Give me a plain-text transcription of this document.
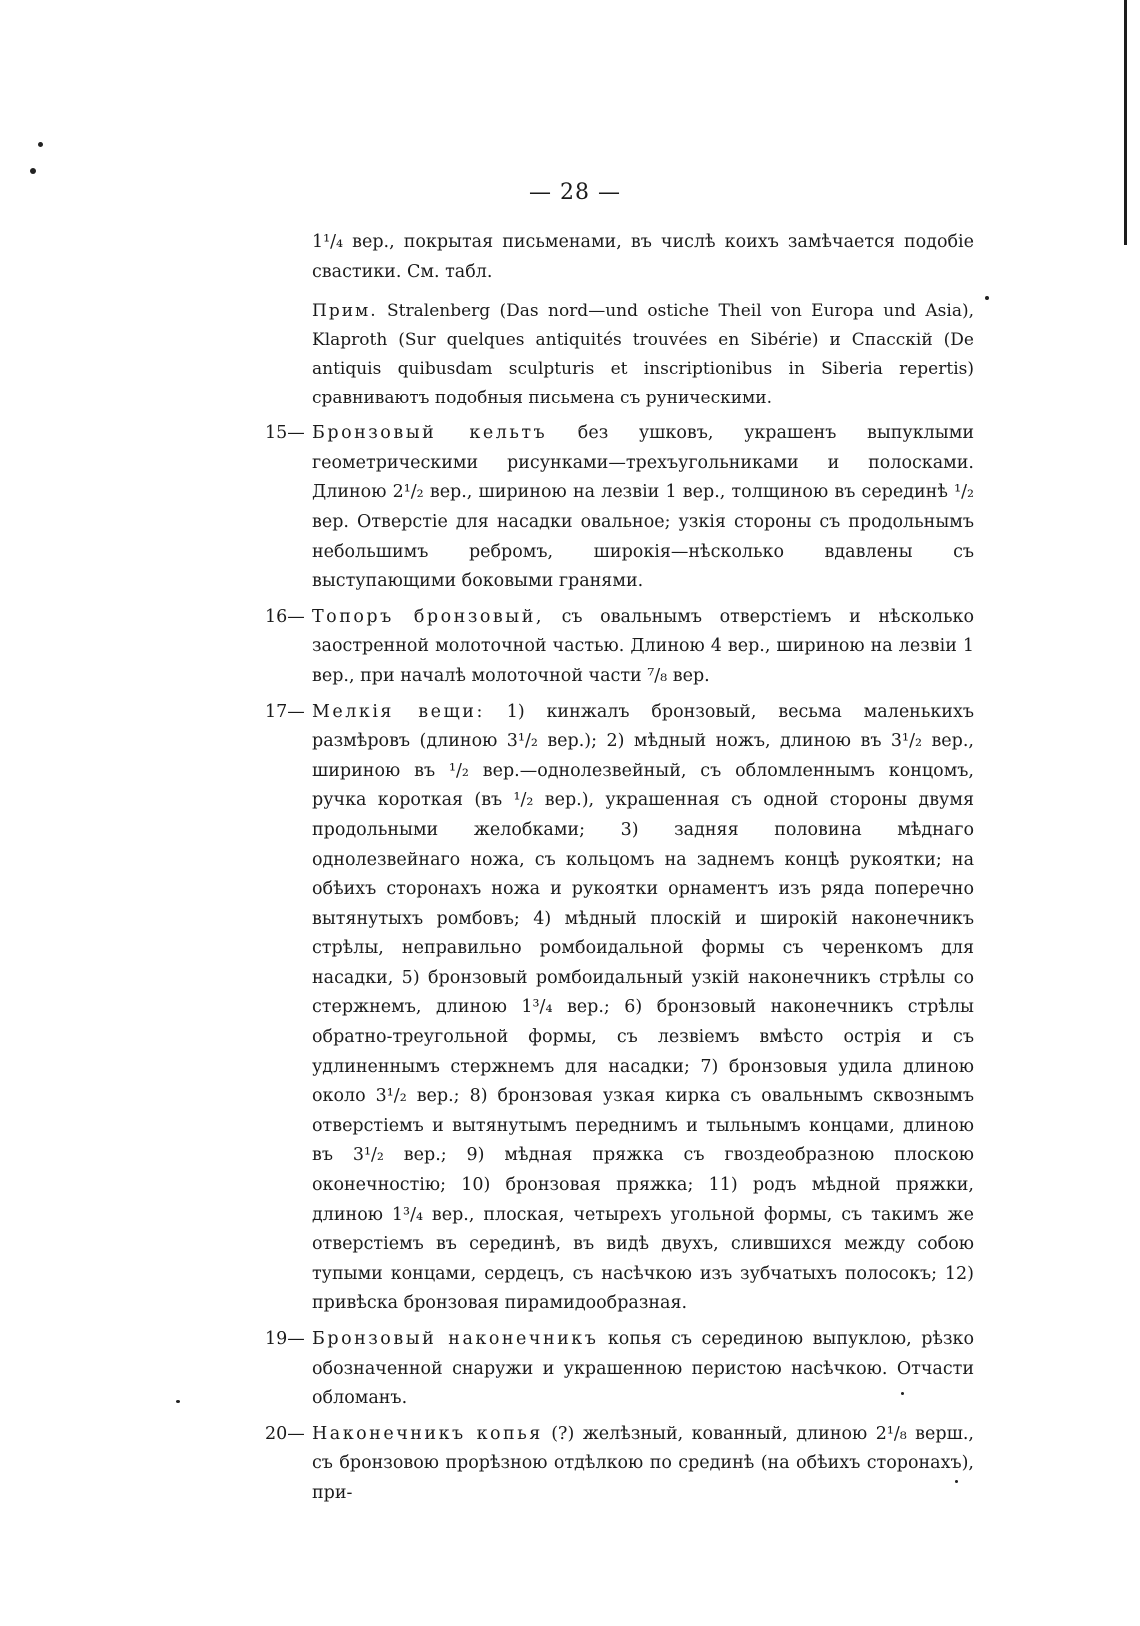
— 28 —

1¹/₄ вер., покрытая письменами, въ числѣ коихъ замѣчается подобіе свастики. См. табл.

Прим. Stralenberg (Das nord—und ostiche Theil von Europa und Asia), Klaproth (Sur quelques antiquités trouvées en Sibérie) и Спасскій (De antiquis quibusdam sculpturis et inscriptionibus in Siberia repertis) сравниваютъ подобныя письмена съ руническими.

15— Бронзовый кельтъ без ушковъ, украшенъ выпуклыми геометрическими рисунками—трехъугольниками и полосками. Длиною 2¹/₂ вер., шириною на лезвіи 1 вер., толщиною въ серединѣ ¹/₂ вер. Отверстіе для насадки овальное; узкія стороны съ продольнымъ небольшимъ ребромъ, широкія—нѣсколько вдавлены съ выступающими боковыми гранями.
16— Топоръ бронзовый, съ овальнымъ отверстіемъ и нѣсколько заостренной молоточной частью. Длиною 4 вер., шириною на лезвіи 1 вер., при началѣ молоточной части ⁷/₈ вер.
17— Мелкія вещи: 1) кинжалъ бронзовый, весьма маленькихъ размѣровъ (длиною 3¹/₂ вер.); 2) мѣдный ножъ, длиною въ 3¹/₂ вер., шириною въ ¹/₂ вер.—однолезвейный, съ обломленнымъ концомъ, ручка короткая (въ ¹/₂ вер.), украшенная съ одной стороны двумя продольными желобками; 3) задняя половина мѣднаго однолезвейнаго ножа, съ кольцомъ на заднемъ концѣ рукоятки; на обѣихъ сторонахъ ножа и рукоятки орнаментъ изъ ряда поперечно вытянутыхъ ромбовъ; 4) мѣдный плоскій и широкій наконечникъ стрѣлы, неправильно ромбоидальной формы съ черенкомъ для насадки, 5) бронзовый ромбоидальный узкій наконечникъ стрѣлы со стержнемъ, длиною 1³/₄ вер.; 6) бронзовый наконечникъ стрѣлы обратно-треугольной формы, съ лезвіемъ вмѣсто острія и съ удлиненнымъ стержнемъ для насадки; 7) бронзовыя удила длиною около 3¹/₂ вер.; 8) бронзовая узкая кирка съ овальнымъ сквознымъ отверстіемъ и вытянутымъ переднимъ и тыльнымъ концами, длиною въ 3¹/₂ вер.; 9) мѣдная пряжка съ гвоздеобразною плоскою оконечностію; 10) бронзовая пряжка; 11) родъ мѣдной пряжки, длиною 1³/₄ вер., плоская, четырехъ угольной формы, съ такимъ же отверстіемъ въ серединѣ, въ видѣ двухъ, слившихся между собою тупыми концами, сердецъ, съ насѣчкою изъ зубчатыхъ полосокъ; 12) привѣска бронзовая пирамидообразная.
19— Бронзовый наконечникъ копья съ серединою выпуклою, рѣзко обозначенной снаружи и украшенною перистою насѣчкою. Отчасти обломанъ.
20— Наконечникъ копья (?) желѣзный, кованный, длиною 2¹/₈ верш., съ бронзовою прорѣзною отдѣлкою по срединѣ (на обѣихъ сторонахъ), при-
